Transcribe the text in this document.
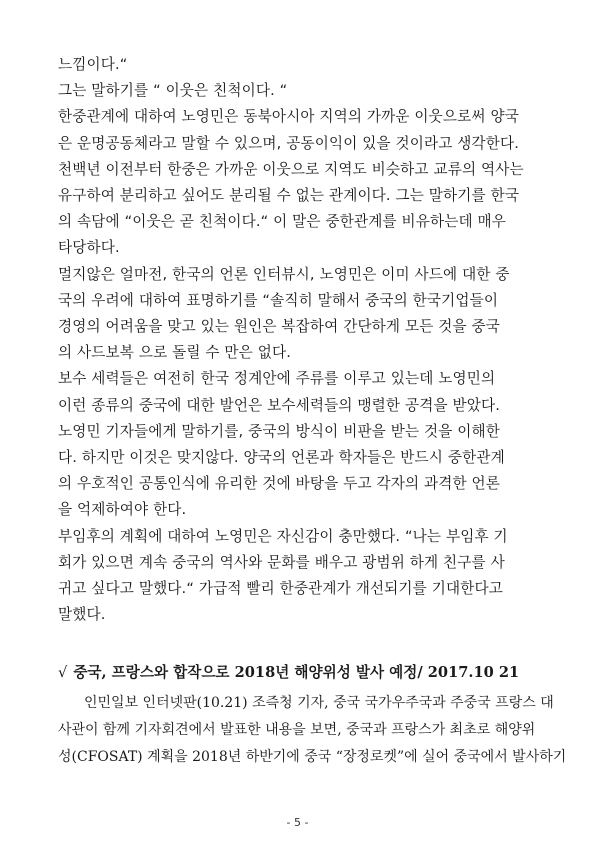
느낌이다.“

그는 말하기를 “ 이웃은 친척이다. “

한중관계에 대하여 노영민은 동북아시아 지역의 가까운 이웃으로써 양국
은 운명공동체라고 말할 수 있으며, 공동이익이 있을 것이라고 생각한다.

천백년 이전부터 한중은 가까운 이웃으로 지역도 비슷하고 교류의 역사는
유구하여 분리하고 싶어도 분리될 수 없는 관계이다. 그는 말하기를 한국
의 속담에 “이웃은 곧 친척이다.“ 이 말은 중한관계를 비유하는데 매우
타당하다.

멀지않은 얼마전, 한국의 언론 인터뷰시, 노영민은 이미 사드에 대한 중
국의 우려에 대하여 표명하기를 “솔직히 말해서 중국의 한국기업들이
경영의 어려움을 맞고 있는 원인은 복잡하여 간단하게 모든 것을 중국
의 사드보복 으로 돌릴 수 만은 없다.

보수 세력들은 여전히 한국 정계안에 주류를 이루고 있는데 노영민의
이런 종류의 중국에 대한 발언은 보수세력들의 맹렬한 공격을 받았다.

노영민 기자들에게 말하기를, 중국의 방식이 비판을 받는 것을 이해한
다. 하지만 이것은 맞지않다. 양국의 언론과 학자들은 반드시 중한관계
의 우호적인 공통인식에 유리한 것에 바탕을 두고 각자의 과격한 언론
을 억제하여야 한다.

부임후의 계획에 대하여 노영민은 자신감이 충만했다. “나는 부임후 기
회가 있으면 계속 중국의 역사와 문화를 배우고 광범위 하게 친구를 사
귀고 싶다고 말했다.“ 가급적 빨리 한중관계가 개선되기를 기대한다고
말했다.

√ 중국, 프랑스와 합작으로 2018년 해양위성 발사 예정/ 2017.10 21
인민일보 인터넷판(10.21) 조즉청 기자, 중국 국가우주국과 주중국 프랑스 대
사관이 함께 기자회견에서 발표한 내용을 보면, 중국과 프랑스가 최초로 해양위
성(CFOSAT) 계획을 2018년 하반기에 중국 “장정로켓”에 실어 중국에서 발사하기
- 5 -
